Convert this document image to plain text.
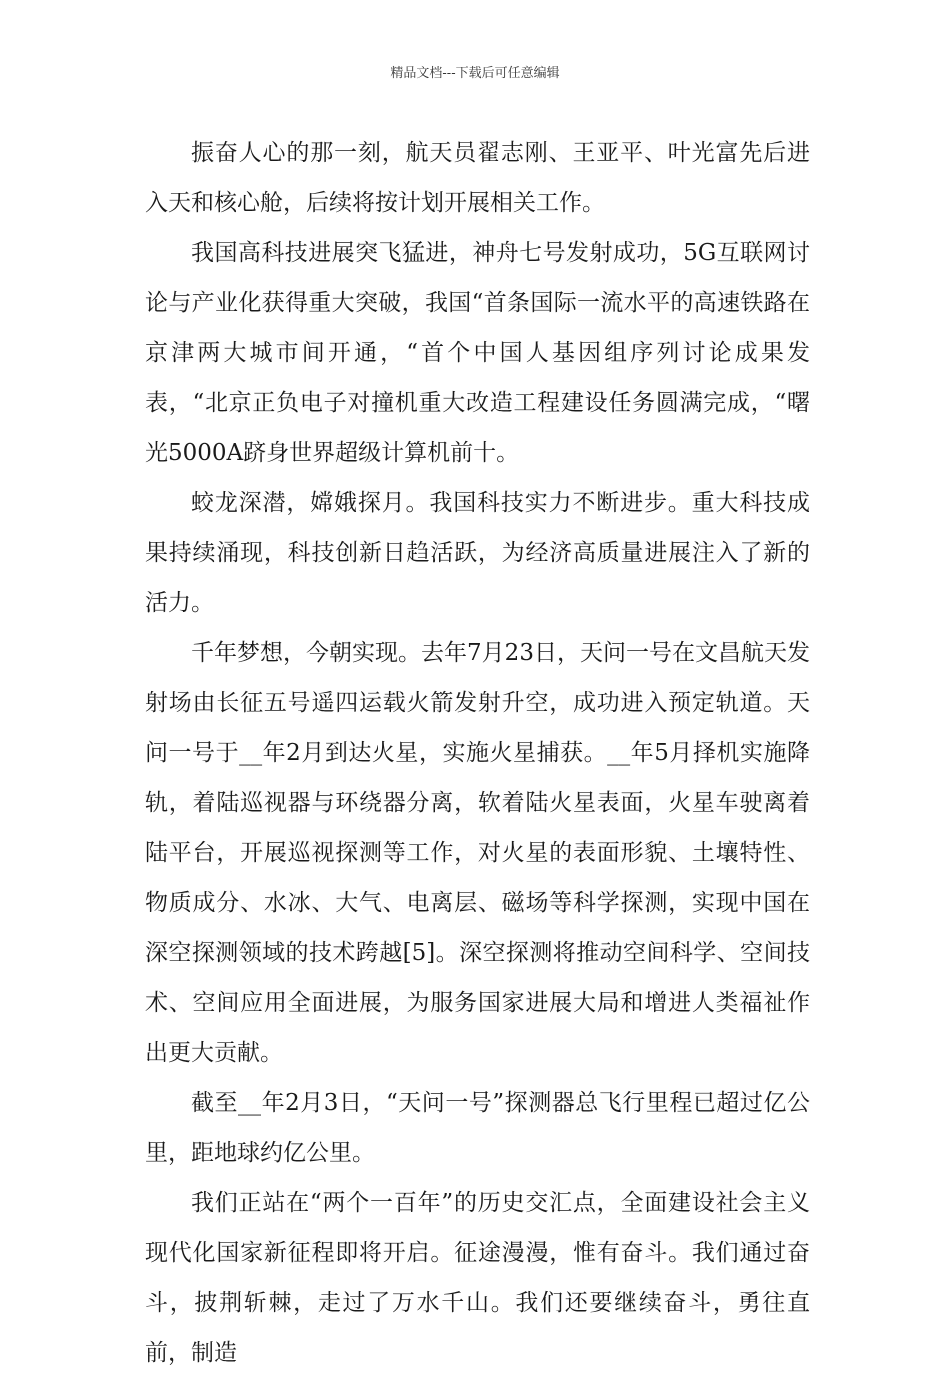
精品文档---下载后可任意编辑

振奋人心的那一刻，航天员翟志刚、王亚平、叶光富先后进入天和核心舱，后续将按计划开展相关工作。

我国高科技进展突飞猛进，神舟七号发射成功，5G互联网讨论与产业化获得重大突破，我国“首条国际一流水平的高速铁路在京津两大城市间开通，“首个中国人基因组序列讨论成果发表，“北京正负电子对撞机重大改造工程建设任务圆满完成，“曙光5000A跻身世界超级计算机前十。

蛟龙深潜，嫦娥探月。我国科技实力不断进步。重大科技成果持续涌现，科技创新日趋活跃，为经济高质量进展注入了新的活力。

千年梦想，今朝实现。去年7月23日，天问一号在文昌航天发射场由长征五号遥四运载火箭发射升空，成功进入预定轨道。天问一号于__年2月到达火星，实施火星捕获。__年5月择机实施降轨，着陆巡视器与环绕器分离，软着陆火星表面，火星车驶离着陆平台，开展巡视探测等工作，对火星的表面形貌、土壤特性、物质成分、水冰、大气、电离层、磁场等科学探测，实现中国在深空探测领域的技术跨越[5]。深空探测将推动空间科学、空间技术、空间应用全面进展，为服务国家进展大局和增进人类福祉作出更大贡献。

截至__年2月3日，“天问一号”探测器总飞行里程已超过亿公里，距地球约亿公里。

我们正站在“两个一百年”的历史交汇点，全面建设社会主义现代化国家新征程即将开启。征途漫漫，惟有奋斗。我们通过奋斗，披荆斩棘，走过了万水千山。我们还要继续奋斗，勇往直前，制造
